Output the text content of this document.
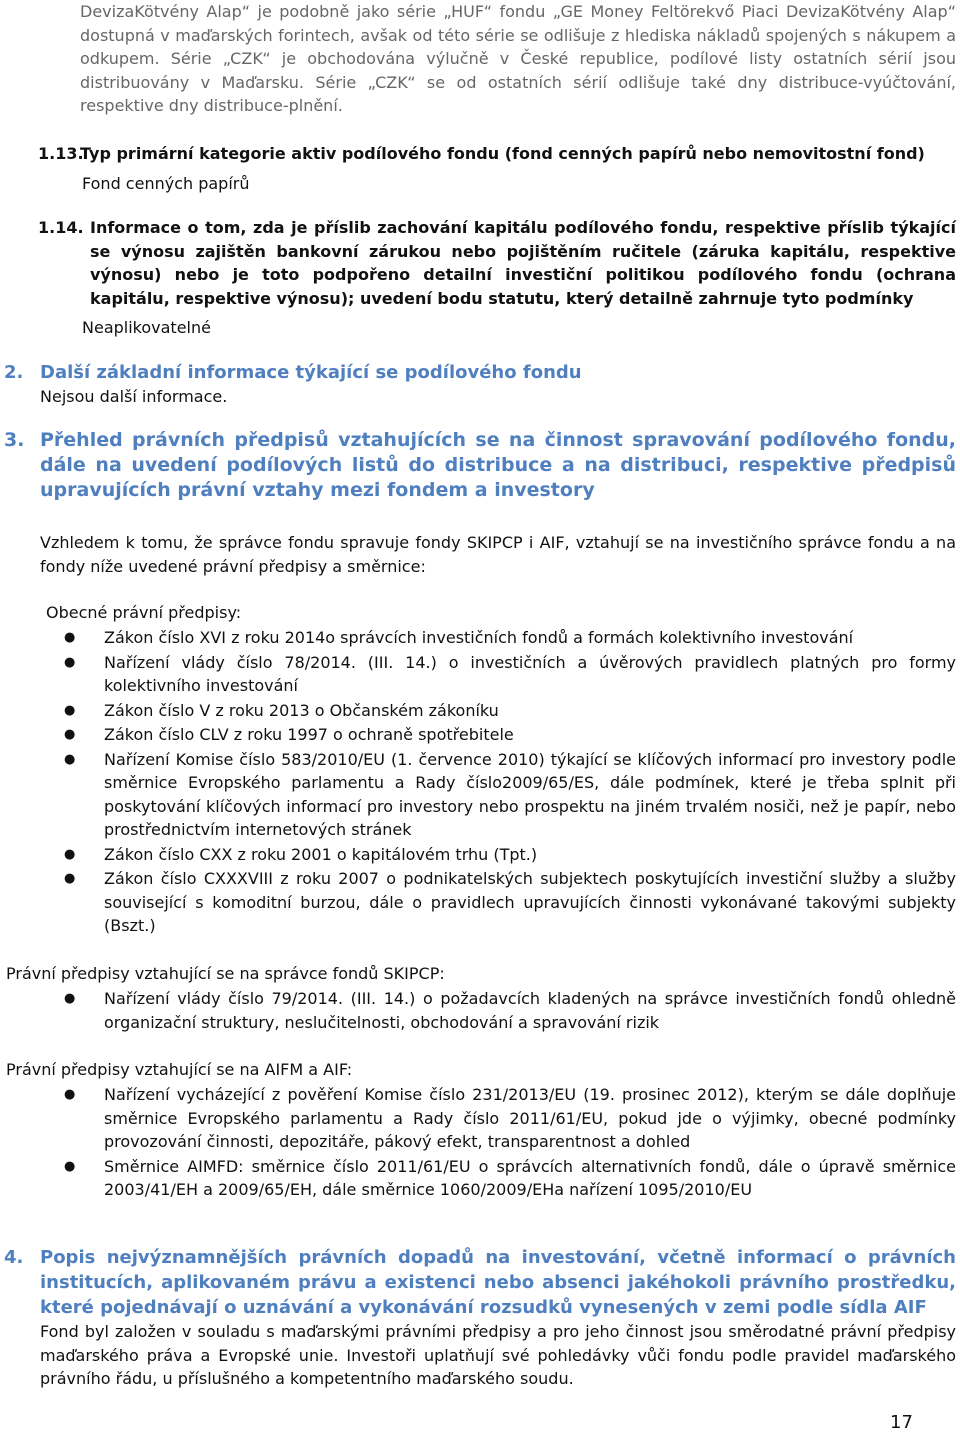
DevizaKötvény Alap“ je podobně jako série „HUF“ fondu „GE Money Feltörekvő Piaci DevizaKötvény Alap“ dostupná v maďarských forintech, avšak od této série se odlišuje z hlediska nákladů spojených s nákupem a odkupem. Série „CZK“ je obchodována výlučně v České republice, podílové listy ostatních sérií jsou distribuovány v Maďarsku. Série „CZK“ se od ostatních sérií odlišuje také dny distribuce-vyúčtování, respektive dny distribuce-plnění.

1.13.Typ primární kategorie aktiv podílového fondu (fond cenných papírů nebo nemovitostní fond)

Fond cenných papírů

1.14. Informace o tom, zda je příslib zachování kapitálu podílového fondu, respektive příslib týkající se výnosu zajištěn bankovní zárukou nebo pojištěním ručitele (záruka kapitálu, respektive výnosu) nebo je toto podpořeno detailní investiční politikou podílového fondu (ochrana kapitálu, respektive výnosu); uvedení bodu statutu, který detailně zahrnuje tyto podmínky

Neaplikovatelné

2. Další základní informace týkající se podílového fondu

Nejsou další informace.

3. Přehled právních předpisů vztahujících se na činnost spravování podílového fondu, dále na uvedení podílových listů do distribuce a na distribuci, respektive předpisů upravujících právní vztahy mezi fondem a investory

Vzhledem k tomu, že správce fondu spravuje fondy SKIPCP i AIF, vztahují se na investičního správce fondu a na fondy níže uvedené právní předpisy a směrnice:

Obecné právní předpisy:

● Zákon číslo XVI z roku 2014o správcích investičních fondů a formách kolektivního investování
● Nařízení vlády číslo 78/2014. (III. 14.) o investičních a úvěrových pravidlech platných pro formy kolektivního investování
● Zákon číslo V z roku 2013 o Občanském zákoníku
● Zákon číslo CLV z roku 1997 o ochraně spotřebitele
● Nařízení Komise číslo 583/2010/EU (1. července 2010) týkající se klíčových informací pro investory podle směrnice Evropského parlamentu a Rady číslo2009/65/ES, dále podmínek, které je třeba splnit při poskytování klíčových informací pro investory nebo prospektu na jiném trvalém nosiči, než je papír, nebo prostřednictvím internetových stránek
● Zákon číslo CXX z roku 2001 o kapitálovém trhu (Tpt.)
● Zákon číslo CXXXVIII z roku 2007 o podnikatelských subjektech poskytujících investiční služby a služby související s komoditní burzou, dále o pravidlech upravujících činnosti vykonávané takovými subjekty (Bszt.)

Právní předpisy vztahující se na správce fondů SKIPCP:

● Nařízení vlády číslo 79/2014. (III. 14.) o požadavcích kladených na správce investičních fondů ohledně organizační struktury, neslučitelnosti, obchodování a spravování rizik

Právní předpisy vztahující se na AIFM a AIF:

● Nařízení vycházející z pověření Komise číslo 231/2013/EU (19. prosinec 2012), kterým se dále doplňuje směrnice Evropského parlamentu a Rady číslo 2011/61/EU, pokud jde o výjimky, obecné podmínky provozování činnosti, depozitáře, pákový efekt, transparentnost a dohled
● Směrnice AIMFD: směrnice číslo 2011/61/EU o správcích alternativních fondů, dále o úpravě směrnice 2003/41/EH a 2009/65/EH, dále směrnice 1060/2009/EHa nařízení 1095/2010/EU

4. Popis nejvýznamnějších právních dopadů na investování, včetně informací o právních institucích, aplikovaném právu a existenci nebo absenci jakéhokoli právního prostředku, které pojednávají o uznávání a vykonávání rozsudků vynesených v zemi podle sídla AIF

Fond byl založen v souladu s maďarskými právními předpisy a pro jeho činnost jsou směrodatné právní předpisy maďarského práva a Evropské unie. Investoři uplatňují své pohledávky vůči fondu podle pravidel maďarského právního řádu, u příslušného a kompetentního maďarského soudu.

17
